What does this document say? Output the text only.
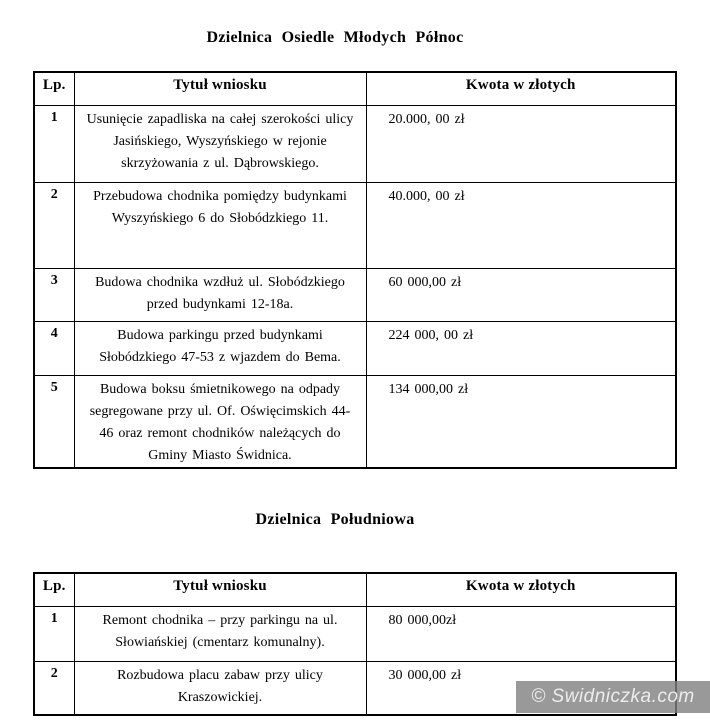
Dzielnica Osiedle Młodych Północ
Lp.	Tytuł wniosku	Kwota w złotych
1	Usunięcie zapadliska na całej szerokości ulicy Jasińskiego, Wyszyńskiego w rejonie skrzyżowania z ul. Dąbrowskiego.	20.000, 00 zł
2	Przebudowa chodnika pomiędzy budynkami Wyszyńskiego 6 do Słobódzkiego 11.	40.000, 00 zł
3	Budowa chodnika wzdłuż ul. Słobódzkiego przed budynkami 12-18a.	60 000,00 zł
4	Budowa parkingu przed budynkami Słobódzkiego 47-53 z wjazdem do Bema.	224 000, 00 zł
5	Budowa boksu śmietnikowego na odpady segregowane przy ul. Of. Oświęcimskich 44-46 oraz remont chodników należących do Gminy Miasto Świdnica.	134 000,00 zł
Dzielnica Południowa
Lp.	Tytuł wniosku	Kwota w złotych
1	Remont chodnika – przy parkingu na ul. Słowiańskiej (cmentarz komunalny).	80 000,00zł
2	Rozbudowa placu zabaw przy ulicy Kraszowickiej.	30 000,00 zł
© Swidniczka.com
